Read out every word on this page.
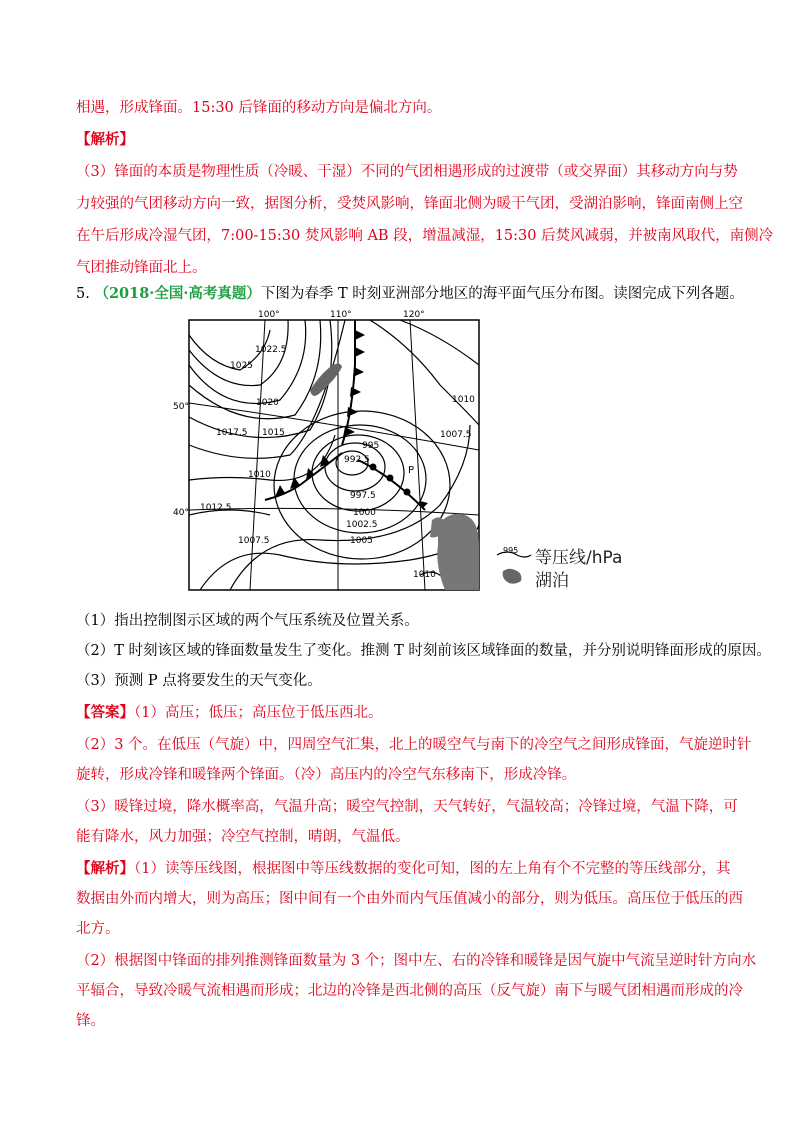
相遇，形成锋面。15:30 后锋面的移动方向是偏北方向。
【解析】
（3）锋面的本质是物理性质（冷暖、干湿）不同的气团相遇形成的过渡带（或交界面）其移动方向与势
力较强的气团移动方向一致，据图分析，受焚风影响，锋面北侧为暖干气团，受湖泊影响，锋面南侧上空
在午后形成冷湿气团，7:00-15:30 焚风影响 AB 段，增温减湿，15:30 后焚风减弱，并被南风取代，南侧冷
气团推动锋面北上。
5. （2018·全国·高考真题）下图为春季 T 时刻亚洲部分地区的海平面气压分布图。读图完成下列各题。
100°	110°	120°
50°
40°
1025
1022.5
1020
1017.5 1015
1012.5
1010
1007.5	1005
1002.5
1000
997.5
995
992.5
1010
1007.5
1010
P
995 等压线/hPa
湖泊
（1）指出控制图示区域的两个气压系统及位置关系。
（2）T 时刻该区域的锋面数量发生了变化。推测 T 时刻前该区域锋面的数量，并分别说明锋面形成的原因。
（3）预测 P 点将要发生的天气变化。
【答案】（1）高压；低压；高压位于低压西北。
（2）3 个。在低压（气旋）中，四周空气汇集，北上的暖空气与南下的冷空气之间形成锋面，气旋逆时针
旋转，形成冷锋和暖锋两个锋面。（冷）高压内的冷空气东移南下，形成冷锋。
（3）暖锋过境，降水概率高，气温升高；暖空气控制，天气转好，气温较高；冷锋过境，气温下降，可
能有降水，风力加强；冷空气控制，晴朗，气温低。
【解析】（1）读等压线图，根据图中等压线数据的变化可知，图的左上角有个不完整的等压线部分，其
数据由外而内增大，则为高压；图中间有一个由外而内气压值减小的部分，则为低压。高压位于低压的西
北方。
（2）根据图中锋面的排列推测锋面数量为 3 个；图中左、右的冷锋和暖锋是因气旋中气流呈逆时针方向水
平辐合，导致冷暖气流相遇而形成；北边的冷锋是西北侧的高压（反气旋）南下与暖气团相遇而形成的冷
锋。
